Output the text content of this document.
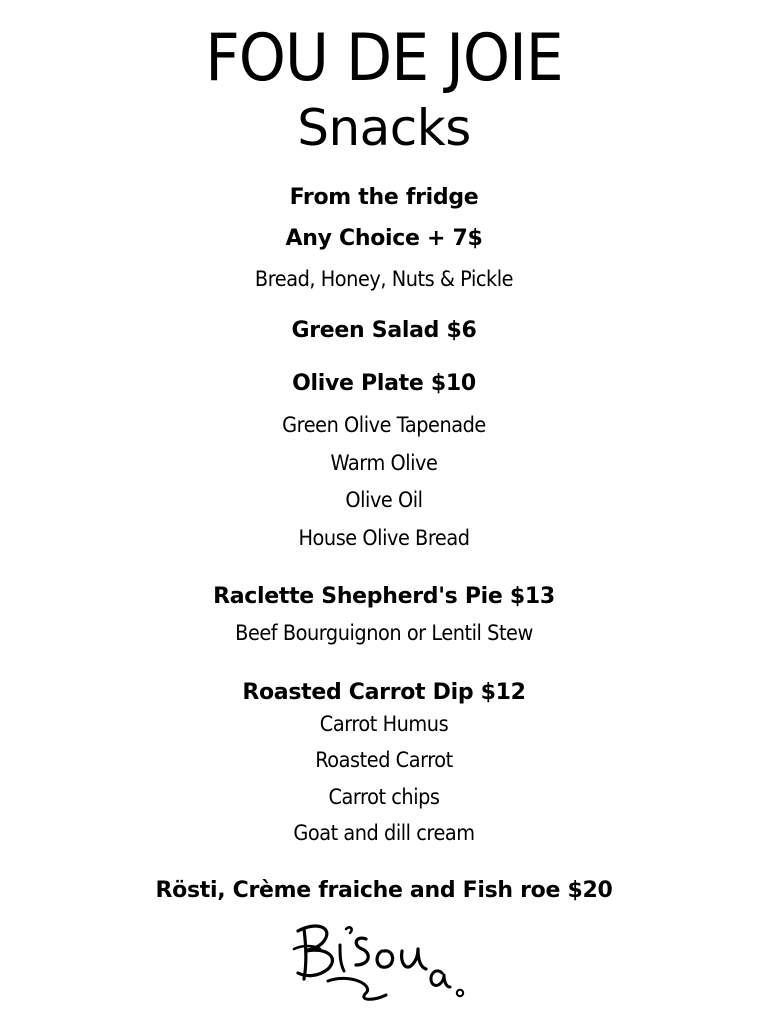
FOU DE JOIE
Snacks
From the fridge
Any Choice + 7$
Bread, Honey, Nuts & Pickle
Green Salad $6
Olive Plate $10
Green Olive Tapenade
Warm Olive
Olive Oil
House Olive Bread
Raclette Shepherd's Pie $13
Beef Bourguignon or Lentil Stew
Roasted Carrot Dip $12
Carrot Humus
Roasted Carrot
Carrot chips
Goat and dill cream
Rösti, Crème fraiche and Fish roe $20
